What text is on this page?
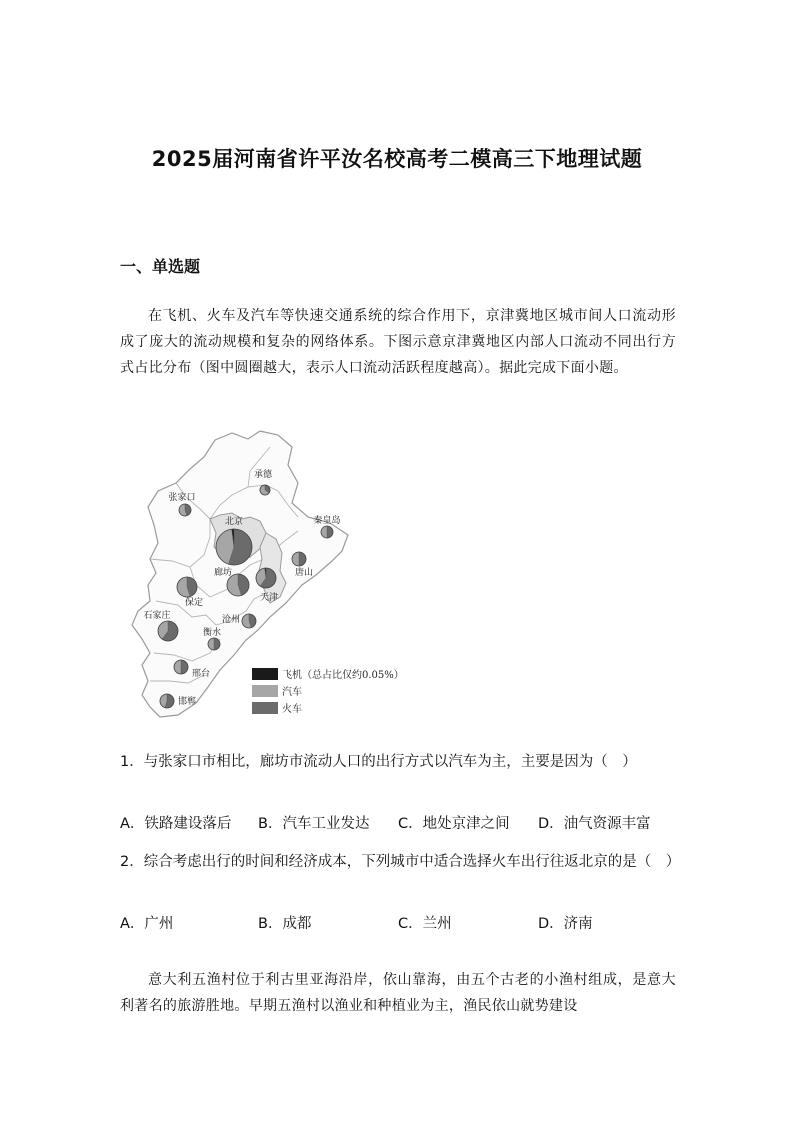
2025届河南省许平汝名校高考二模高三下地理试题
一、单选题
在飞机、火车及汽车等快速交通系统的综合作用下，京津冀地区城市间人口流动形成了庞大的流动规模和复杂的网络体系。下图示意京津冀地区内部人口流动不同出行方式占比分布（图中圆圈越大，表示人口流动活跃程度越高）。据此完成下面小题。
承德
张家口
北京	秦皇岛
廊坊	唐山
保定	天津
石家庄	沧州
衡水
邢台
邯郸
飞机（总占比仅约0.05%）
汽车
火车
1．与张家口市相比，廊坊市流动人口的出行方式以汽车为主，主要是因为（　）
A．铁路建设落后 B．汽车工业发达 C．地处京津之间 D．油气资源丰富
2．综合考虑出行的时间和经济成本，下列城市中适合选择火车出行往返北京的是（　）
A．广州	B．成都	C．兰州	D．济南
意大利五渔村位于利古里亚海沿岸，依山靠海，由五个古老的小渔村组成，是意大利著名的旅游胜地。早期五渔村以渔业和种植业为主，渔民依山就势建设
